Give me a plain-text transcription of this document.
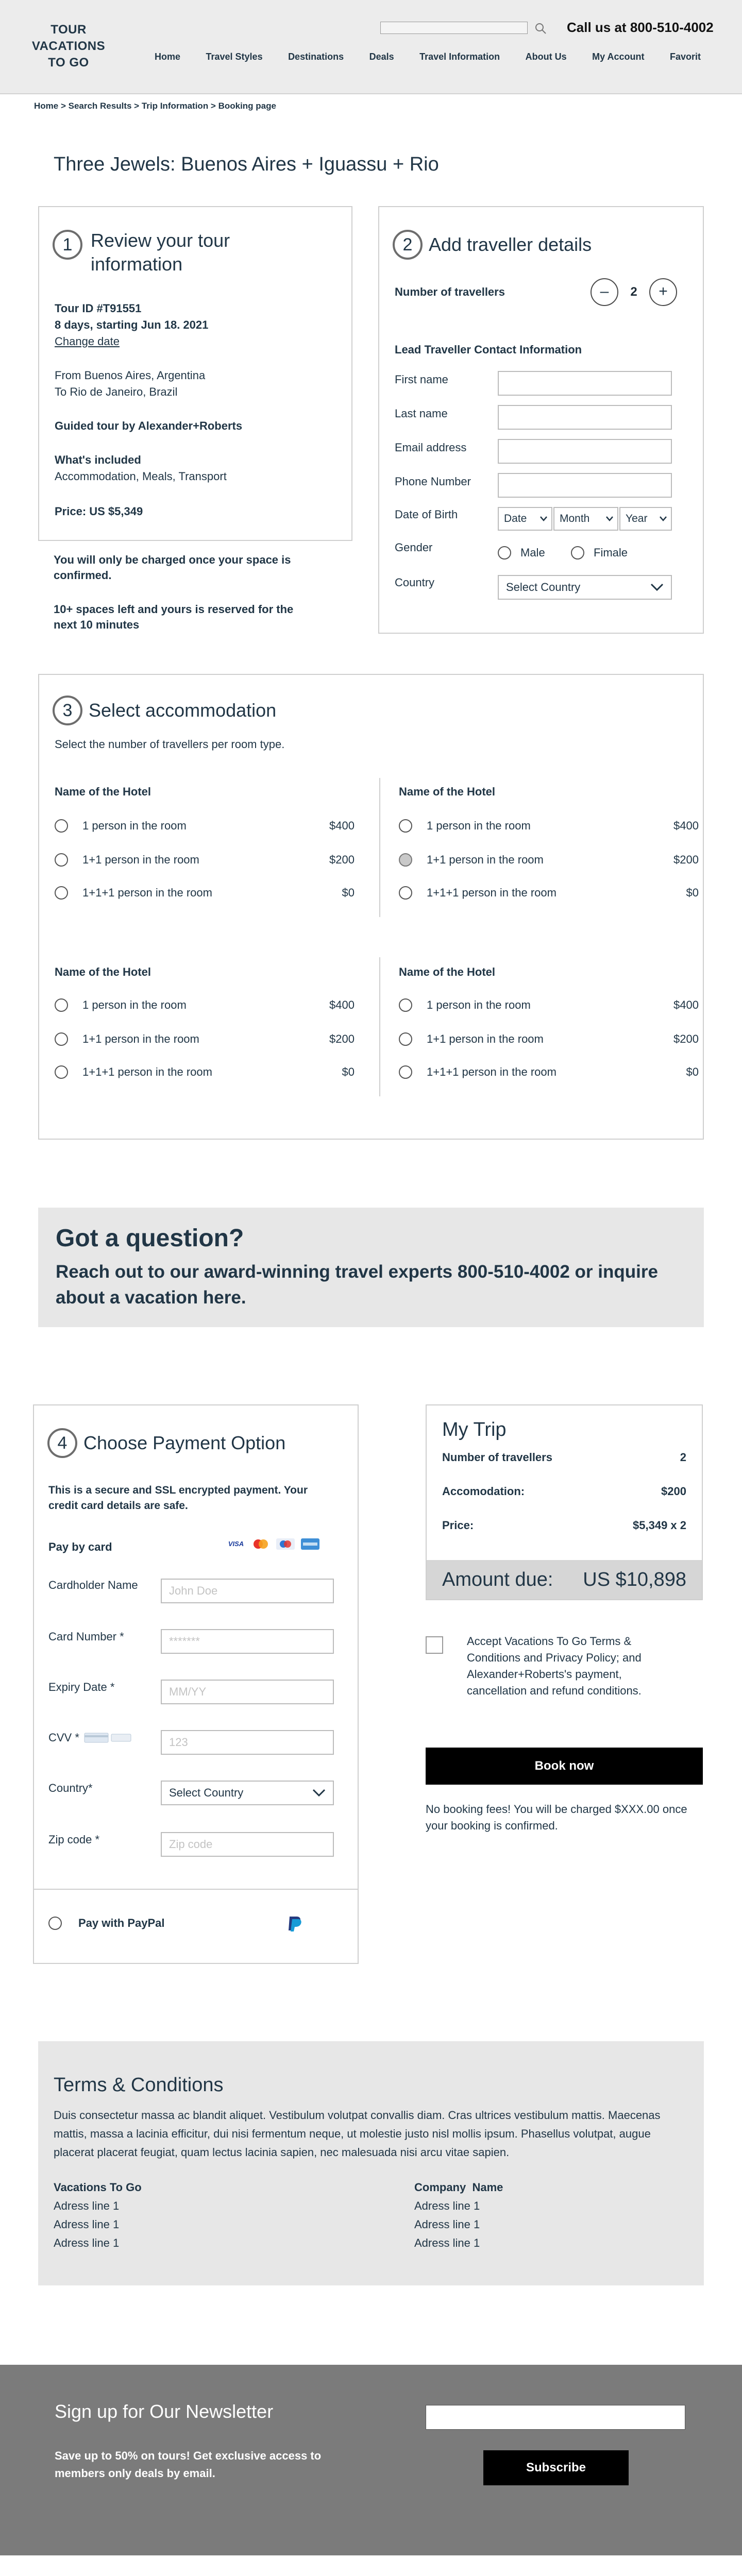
TOUR
VACATIONS
TO GO
Call us at 800-510-4002
Home	Travel Styles	Destinations	Deals	Travel Information	About Us	My Account	Favorit
Home > Search Results > Trip Information > Booking page
Three Jewels: Buenos Aires + Iguassu + Rio
1 Review your tour information
Tour ID #T91551
8 days, starting Jun 18. 2021
Change date
From Buenos Aires, Argentina
To Rio de Janeiro, Brazil
Guided tour by Alexander+Roberts
What's included
Accommodation, Meals, Transport
Price: US $5,349
You will only be charged once your space is confirmed.
10+ spaces left and yours is reserved for the next 10 minutes
2 Add traveller details
Number of travellers	–	2	+
Lead Traveller Contact Information
First name
Last name
Email address
Phone Number
Date of Birth	Date	Month	Year
Gender	Male	Fimale
Country	Select Country
3 Select accommodation
Select the number of travellers per room type.
Name of the Hotel
1 person in the room	$400
1+1 person in the room	$200
1+1+1 person in the room	$0
Name of the Hotel
1 person in the room	$400
1+1 person in the room	$200
1+1+1 person in the room	$0
Name of the Hotel
1 person in the room	$400
1+1 person in the room	$200
1+1+1 person in the room	$0
Name of the Hotel
1 person in the room	$400
1+1 person in the room	$200
1+1+1 person in the room	$0
Got a question?

Reach out to our award-winning travel experts 800-510-4002 or inquire about a vacation here.

4 Choose Payment Option
This is a secure and SSL encrypted payment. Your credit card details are safe.
Pay by card	VISA
Cardholder Name
John Doe
Card Number *
*******
Expiry Date *
MM/YY
CVV *
123
Country*	Select Country
Zip code *
Zip code
Pay with PayPal
My Trip
Number of travellers	2
Accomodation:	$200
Price:	$5,349 x 2
Amount due: US $10,898
Accept Vacations To Go Terms & Conditions and Privacy Policy; and Alexander+Roberts's payment, cancellation and refund conditions.
Book now
No booking fees! You will be charged $XXX.00 once your booking is confirmed.
Terms & Conditions
Duis consectetur massa ac blandit aliquet. Vestibulum volutpat convallis diam. Cras ultrices vestibulum mattis. Maecenas mattis, massa a lacinia efficitur, dui nisi fermentum neque, ut molestie justo nisl mollis ipsum. Phasellus volutpat, augue placerat placerat feugiat, quam lectus lacinia sapien, nec malesuada nisi arcu vitae sapien.
Vacations To Go
Adress line 1
Adress line 1
Adress line 1
Company  Name
Adress line 1
Adress line 1
Adress line 1
Sign up for Our Newsletter

Save up to 50% on tours! Get exclusive access to members only deals by email.	Subscribe
